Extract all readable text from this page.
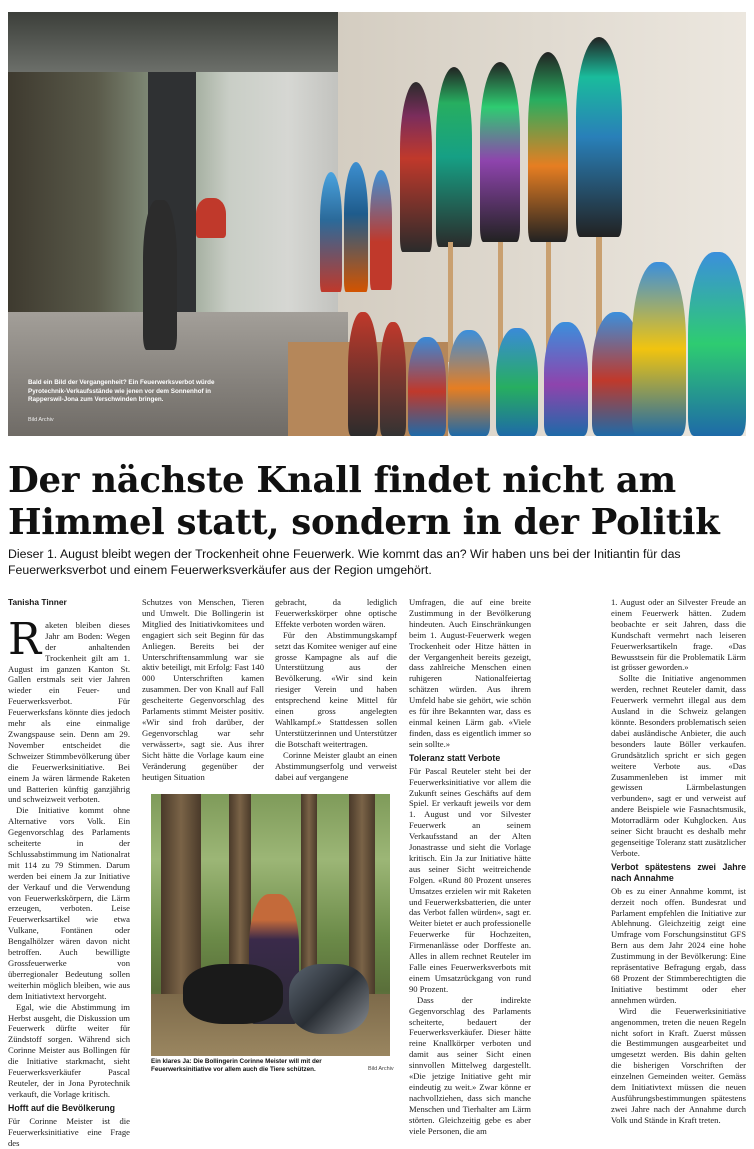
Bald ein Bild der Vergangenheit? Ein Feuerwerksverbot würde Pyrotechnik-Verkaufsstände wie jenen vor dem Sonnenhof in Rapperswil-Jona zum Verschwinden bringen.
Bild Archiv
Der nächste Knall findet nicht am
Himmel statt, sondern in der Politik
Dieser 1. August bleibt wegen der Trockenheit ohne Feuerwerk. Wie kommt das an? Wir haben uns bei der Initiantin für das Feuerwerksverbot und einem Feuerwerksverkäufer aus der Region umgehört.
Tanisha Tinner

Raketen bleiben dieses Jahr am Boden: Wegen der anhaltenden Trockenheit gilt am 1. August im ganzen Kanton St. Gallen erstmals seit vier Jahren wieder ein Feuer- und Feuerwerksverbot. Für Feuerwerksfans könnte dies jedoch mehr als eine einmalige Zwangspause sein. Denn am 29. November entscheidet die Schweizer Stimmbevölkerung über die Feuerwerksinitiative. Bei einem Ja wären lärmende Raketen und Batterien künftig ganzjährig und schweizweit verboten.

Die Initiative kommt ohne Alternative vors Volk. Ein Gegenvorschlag des Parlaments scheiterte in der Schlussabstimmung im Nationalrat mit 114 zu 79 Stimmen. Darum werden bei einem Ja zur Initiative der Verkauf und die Verwendung von Feuerwerkskörpern, die Lärm erzeugen, verboten. Leise Feuerwerksartikel wie etwa Vulkane, Fontänen oder Bengalhölzer wären davon nicht betroffen. Auch bewilligte Grossfeuerwerke von überregionaler Bedeutung sollen weiterhin möglich bleiben, wie aus dem Initiativtext hervorgeht.

Egal, wie die Abstimmung im Herbst ausgeht, die Diskussion um Feuerwerk dürfte weiter für Zündstoff sorgen. Während sich Corinne Meister aus Bollingen für die Initiative starkmacht, sieht Feuerwerksverkäufer Pascal Reuteler, der in Jona Pyrotechnik verkauft, die Vorlage kritisch.

Hofft auf die Bevölkerung

Für Corinne Meister ist die Feuerwerksinitiative eine Frage des

Schutzes von Menschen, Tieren und Umwelt. Die Bollingerin ist Mitglied des Initiativkomitees und engagiert sich seit Beginn für das Anliegen. Bereits bei der Unterschriftensammlung war sie aktiv beteiligt, mit Erfolg: Fast 140 000 Unterschriften kamen zusammen. Der von Knall auf Fall gescheiterte Gegenvorschlag des Parlaments stimmt Meister positiv. «Wir sind froh darüber, der Gegenvorschlag war sehr verwässert», sagt sie. Aus ihrer Sicht hätte die Vorlage kaum eine Veränderung gegenüber der heutigen Situation

gebracht, da lediglich Feuerwerkskörper ohne optische Effekte verboten worden wären.

Für den Abstimmungskampf setzt das Komitee weniger auf eine grosse Kampagne als auf die Unterstützung aus der Bevölkerung. «Wir sind kein riesiger Verein und haben entsprechend keine Mittel für einen gross angelegten Wahlkampf.» Stattdessen sollen Unterstützerinnen und Unterstützer die Botschaft weitertragen.

Corinne Meister glaubt an einen Abstimmungserfolg und verweist dabei auf vergangene

Ein klares Ja: Die Bollingerin Corinne Meister will mit der Feuerwerksinitiative vor allem auch die Tiere schützen.	Bild Archiv

Umfragen, die auf eine breite Zustimmung in der Bevölkerung hindeuten. Auch Einschränkungen beim 1. August-Feuerwerk wegen Trockenheit oder Hitze hätten in der Vergangenheit bereits gezeigt, dass zahlreiche Menschen einen ruhigeren Nationalfeiertag schätzen würden. Aus ihrem Umfeld habe sie gehört, wie schön es für ihre Bekannten war, dass es einmal keinen Lärm gab. «Viele finden, dass es eigentlich immer so sein sollte.»

Toleranz statt Verbote

Für Pascal Reuteler steht bei der Feuerwerksinitiative vor allem die Zukunft seines Geschäfts auf dem Spiel. Er verkauft jeweils vor dem 1. August und vor Silvester Feuerwerk an seinem Verkaufsstand an der Alten Jonastrasse und sieht die Vorlage kritisch. Ein Ja zur Initiative hätte aus seiner Sicht weitreichende Folgen. «Rund 80 Prozent unseres Umsatzes erzielen wir mit Raketen und Feuerwerksbatterien, die unter das Verbot fallen würden», sagt er. Weiter bietet er auch professionelle Feuerwerke für Hochzeiten, Firmenanlässe oder Dorffeste an. Alles in allem rechnet Reuteler im Falle eines Feuerwerksverbots mit einem Umsatzrückgang von rund 90 Prozent.

Dass der indirekte Gegenvorschlag des Parlaments scheiterte, bedauert der Feuerwerksverkäufer. Dieser hätte reine Knallkörper verboten und damit aus seiner Sicht einen sinnvollen Mittelweg dargestellt. «Die jetzige Initiative geht mir eindeutig zu weit.» Zwar könne er nachvollziehen, dass sich manche Menschen und Tierhalter am Lärm störten. Gleichzeitig gebe es aber viele Personen, die am

1. August oder an Silvester Freude an einem Feuerwerk hätten. Zudem beobachte er seit Jahren, dass die Kundschaft vermehrt nach leiseren Feuerwerksartikeln frage. «Das Bewusstsein für die Problematik Lärm ist grösser geworden.»

Sollte die Initiative angenommen werden, rechnet Reuteler damit, dass Feuerwerk vermehrt illegal aus dem Ausland in die Schweiz gelangen könnte. Besonders problematisch seien dabei ausländische Anbieter, die auch besonders laute Böller verkaufen. Grundsätzlich spricht er sich gegen weitere Verbote aus. «Das Zusammenleben ist immer mit gewissen Lärmbelastungen verbunden», sagt er und verweist auf andere Beispiele wie Fasnachtsmusik, Motorradlärm oder Kuhglocken. Aus seiner Sicht braucht es deshalb mehr gegenseitige Toleranz statt zusätzlicher Verbote.

Verbot spätestens zwei Jahre nach Annahme

Ob es zu einer Annahme kommt, ist derzeit noch offen. Bundesrat und Parlament empfehlen die Initiative zur Ablehnung. Gleichzeitig zeigt eine Umfrage vom Forschungsinstitut GFS Bern aus dem Jahr 2024 eine hohe Zustimmung in der Bevölkerung: Eine repräsentative Befragung ergab, dass 68 Prozent der Stimmberechtigten die Initiative bestimmt oder eher annehmen würden.

Wird die Feuerwerksinitiative angenommen, treten die neuen Regeln nicht sofort in Kraft. Zuerst müssen die Bestimmungen ausgearbeitet und umgesetzt werden. Bis dahin gelten die bisherigen Vorschriften der einzelnen Gemeinden weiter. Gemäss dem Initiativtext müssen die neuen Ausführungsbestimmungen spätestens zwei Jahre nach der Annahme durch Volk und Stände in Kraft treten.
